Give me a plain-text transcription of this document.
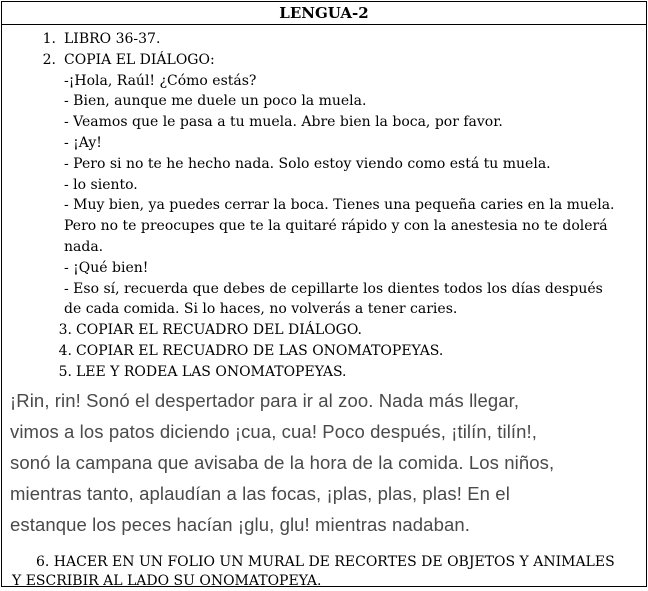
LENGUA-2
1. LIBRO 36-37.
2. COPIA EL DIÁLOGO:
-¡Hola, Raúl! ¿Cómo estás?
- Bien, aunque me duele un poco la muela.
- Veamos que le pasa a tu muela. Abre bien la boca, por favor.
- ¡Ay!
- Pero si no te he hecho nada. Solo estoy viendo como está tu muela.
- lo siento.
- Muy bien, ya puedes cerrar la boca. Tienes una pequeña caries en la muela.
Pero no te preocupes que te la quitaré rápido y con la anestesia no te dolerá
nada.
- ¡Qué bien!
- Eso sí, recuerda que debes de cepillarte los dientes todos los días después
de cada comida. Si lo haces, no volverás a tener caries.
3. COPIAR EL RECUADRO DEL DIÁLOGO.
4. COPIAR EL RECUADRO DE LAS ONOMATOPEYAS.
5. LEE Y RODEA LAS ONOMATOPEYAS.
¡Rin, rin! Sonó el despertador para ir al zoo. Nada más llegar,
vimos a los patos diciendo ¡cua, cua! Poco después, ¡tilín, tilín!,
sonó la campana que avisaba de la hora de la comida. Los niños,
mientras tanto, aplaudían a las focas, ¡plas, plas, plas! En el
estanque los peces hacían ¡glu, glu! mientras nadaban.
6. HACER EN UN FOLIO UN MURAL DE RECORTES DE OBJETOS Y ANIMALES
Y ESCRIBIR AL LADO SU ONOMATOPEYA.
